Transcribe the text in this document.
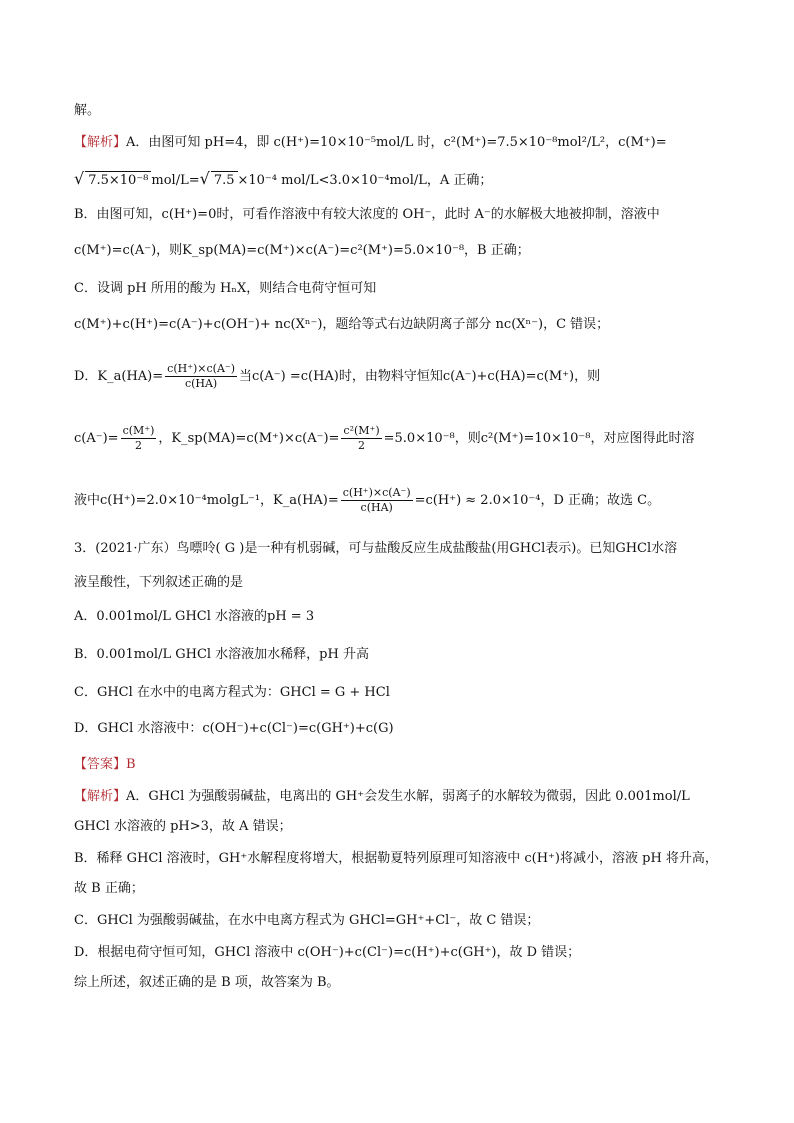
解。
【解析】A．由图可知 pH=4，即 c(H⁺)=10×10⁻⁵mol/L 时，c²(M⁺)=7.5×10⁻⁸mol²/L²，c(M⁺)=
√ 7.5×10⁻⁸ mol/L=√ 7.5 ×10⁻⁴ mol/L<3.0×10⁻⁴mol/L，A 正确；
B．由图可知，c(H⁺)=0时，可看作溶液中有较大浓度的 OH⁻，此时 A⁻的水解极大地被抑制，溶液中
c(M⁺)=c(A⁻)，则K_sp(MA)=c(M⁺)×c(A⁻)=c²(M⁺)=5.0×10⁻⁸，B 正确；
C．设调 pH 所用的酸为 HₙX，则结合电荷守恒可知
c(M⁺)+c(H⁺)=c(A⁻)+c(OH⁻)+ nc(Xⁿ⁻)，题给等式右边缺阴离子部分 nc(Xⁿ⁻)，C 错误；
D．K_a(HA)= $\frac{c(H^+)\times c(A^-)}{c(HA)}$ 当c(A⁻) =c(HA)时，由物料守恒知c(A⁻)+c(HA)=c(M⁺)，则
$c(A^-)= \frac{c(M^+)}{2}$ ，K_sp(MA)=c(M⁺)×c(A⁻)= $\frac{\text{c²(M⁺)}}{2} =5.0\times 10^{-8}$，则c²(M⁺)=10×10⁻⁸，对应图得此时溶
液中c(H⁺)=2.0×10⁻⁴molgL⁻¹，K_a(HA)= $\frac{c(H^+)\times c(A^-)}{c(HA)} =c(H^+) \approx 2.0\times 10^{-4}$，D 正确；故选 C。
3．(2021·广东）鸟嘌呤( G )是一种有机弱碱，可与盐酸反应生成盐酸盐(用GHCl表示)。已知GHCl水溶
液呈酸性，下列叙述正确的是
A．0.001mol/L GHCl 水溶液的pH = 3
B．0.001mol/L GHCl 水溶液加水稀释，pH 升高
C．GHCl 在水中的电离方程式为：GHCl = G + HCl
D．GHCl 水溶液中：c(OH⁻)+c(Cl⁻)=c(GH⁺)+c(G)
【答案】B
【解析】A．GHCl 为强酸弱碱盐，电离出的 GH⁺会发生水解，弱离子的水解较为微弱，因此 0.001mol/L
GHCl 水溶液的 pH>3，故 A 错误；
B．稀释 GHCl 溶液时，GH⁺水解程度将增大，根据勒夏特列原理可知溶液中 c(H⁺)将减小，溶液 pH 将升高，
故 B 正确；
C．GHCl 为强酸弱碱盐，在水中电离方程式为 GHCl=GH⁺+Cl⁻，故 C 错误；
D．根据电荷守恒可知，GHCl 溶液中 c(OH⁻)+c(Cl⁻)=c(H⁺)+c(GH⁺)，故 D 错误；
综上所述，叙述正确的是 B 项，故答案为 B。
